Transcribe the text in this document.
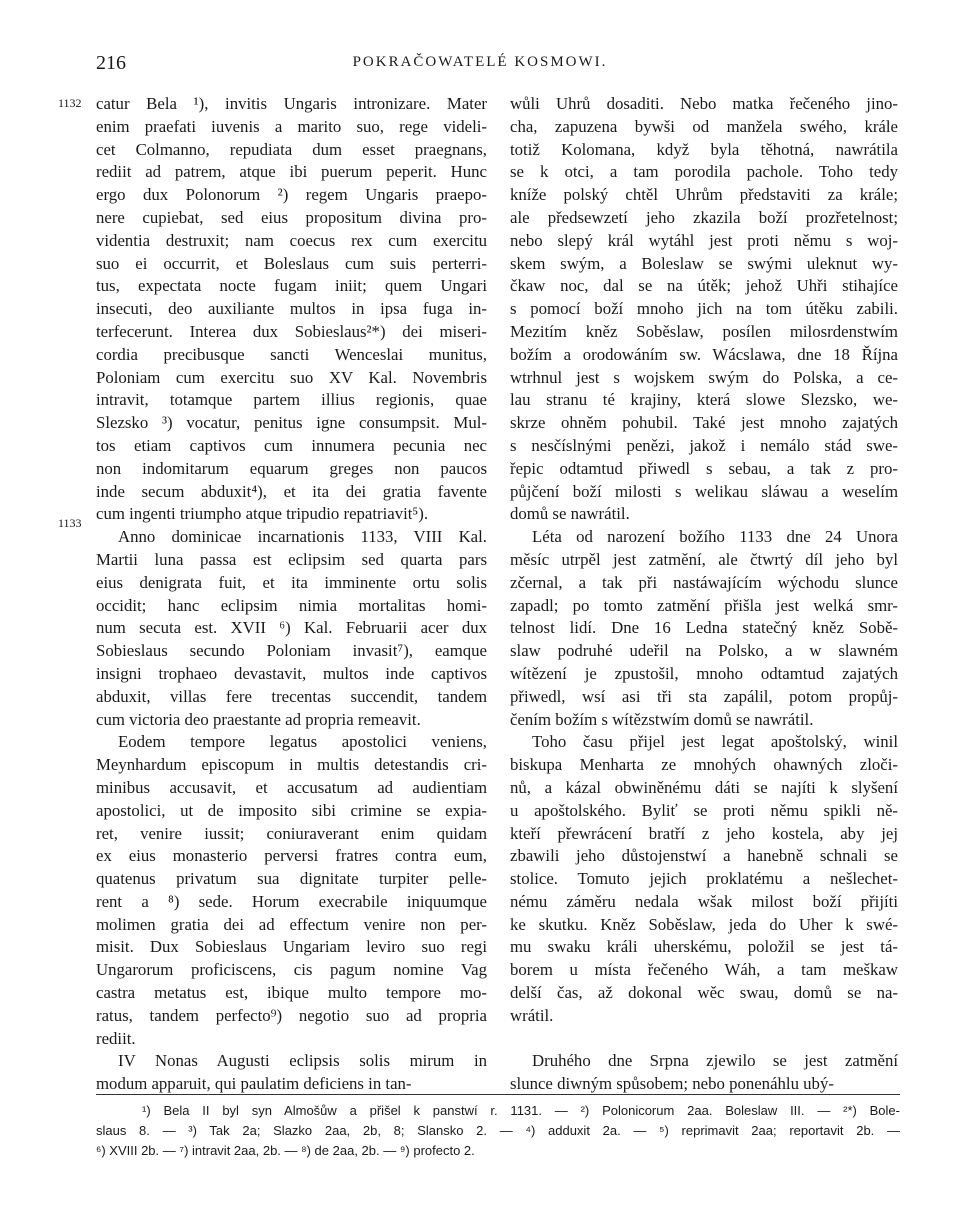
216	POKRAČOWATELÉ KOSMOWI.
1132
1133
catur Bela ¹), invitis Ungaris intronizare. Mater
enim praefati iuvenis a marito suo, rege videli-
cet Colmanno, repudiata dum esset praegnans,
rediit ad patrem, atque ibi puerum peperit. Hunc
ergo dux Polonorum ²) regem Ungaris praepo-
nere cupiebat, sed eius propositum divina pro-
videntia destruxit; nam coecus rex cum exercitu
suo ei occurrit, et Boleslaus cum suis perterri-
tus, expectata nocte fugam iniit; quem Ungari
insecuti, deo auxiliante multos in ipsa fuga in-
terfecerunt. Interea dux Sobieslaus²*) dei miseri-
cordia precibusque sancti Wenceslai munitus,
Poloniam cum exercitu suo XV Kal. Novembris
intravit, totamque partem illius regionis, quae
Slezsko ³) vocatur, penitus igne consumpsit. Mul-
tos etiam captivos cum innumera pecunia nec
non indomitarum equarum greges non paucos
inde secum abduxit⁴), et ita dei gratia favente
cum ingenti triumpho atque tripudio repatriavit⁵).
Anno dominicae incarnationis 1133, VIII Kal.
Martii luna passa est eclipsim sed quarta pars
eius denigrata fuit, et ita imminente ortu solis
occidit; hanc eclipsim nimia mortalitas homi-
num secuta est. XVII ⁶) Kal. Februarii acer dux
Sobieslaus secundo Poloniam invasit⁷), eamque
insigni trophaeo devastavit, multos inde captivos
abduxit, villas fere trecentas succendit, tandem
cum victoria deo praestante ad propria remeavit.
Eodem tempore legatus apostolici veniens,
Meynhardum episcopum in multis detestandis cri-
minibus accusavit, et accusatum ad audientiam
apostolici, ut de imposito sibi crimine se expia-
ret, venire iussit; coniuraverant enim quidam
ex eius monasterio perversi fratres contra eum,
quatenus privatum sua dignitate turpiter pelle-
rent a ⁸) sede. Horum execrabile iniquumque
molimen gratia dei ad effectum venire non per-
misit. Dux Sobieslaus Ungariam leviro suo regi
Ungarorum proficiscens, cis pagum nomine Vag
castra metatus est, ibique multo tempore mo-
ratus, tandem perfecto⁹) negotio suo ad propria
rediit.
IV Nonas Augusti eclipsis solis mirum in
modum apparuit, qui paulatim deficiens in tan-
wůli Uhrů dosaditi. Nebo matka řečeného jino-
cha, zapuzena bywši od manžela swého, krále
totiž Kolomana, když byla těhotná, nawrátila
se k otci, a tam porodila pachole. Toho tedy
kníže polský chtěl Uhrům představiti za krále;
ale předsewzetí jeho zkazila boží prozřetelnost;
nebo slepý král wytáhl jest proti němu s woj-
skem swým, a Boleslaw se swými uleknut wy-
čkaw noc, dal se na útěk; jehož Uhři stihajíce
s pomocí boží mnoho jich na tom útěku zabili.
Mezitím kněz Soběslaw, posílen milosrdenstwím
božím a orodowáním sw. Wácslawa, dne 18 Října
wtrhnul jest s wojskem swým do Polska, a ce-
lau stranu té krajiny, která slowe Slezsko, we-
skrze ohněm pohubil. Také jest mnoho zajatých
s nesčíslnými penězi, jakož i nemálo stád swe-
řepic odtamtud přiwedl s sebau, a tak z pro-
půjčení boží milosti s welikau sláwau a weselím
domů se nawrátil.
Léta od narození božího 1133 dne 24 Unora
měsíc utrpěl jest zatmění, ale čtwrtý díl jeho byl
zčernal, a tak při nastáwajícím wýchodu slunce
zapadl; po tomto zatmění přišla jest welká smr-
telnost lidí. Dne 16 Ledna statečný kněz Sobě-
slaw podruhé udeřil na Polsko, a w slawném
wítězení je zpustošil, mnoho odtamtud zajatých
přiwedl, wsí asi tři sta zapálil, potom propůj-
čením božím s wítězstwím domů se nawrátil.
Toho času přijel jest legat apoštolský, winil
biskupa Menharta ze mnohých ohawných zloči-
nů, a kázal obwiněnému dáti se najíti k slyšení
u apoštolského. Byliť se proti němu spikli ně-
kteří přewrácení bratří z jeho kostela, aby jej
zbawili jeho důstojenstwí a hanebně schnali se
stolice. Tomuto jejich proklatému a nešlechet-
nému záměru nedala wšak milost boží přijíti
ke skutku. Kněz Soběslaw, jeda do Uher k swé-
mu swaku králi uherskému, položil se jest tá-
borem u místa řečeného Wáh, a tam meškaw
delší čas, až dokonal wěc swau, domů se na-
wrátil.

Druhého dne Srpna zjewilo se jest zatmění
slunce diwným spůsobem; nebo ponenáhlu ubý-
¹) Bela II byl syn Almošůw a přišel k panstwí r. 1131. — ²) Polonicorum 2aa. Boleslaw III. — ²*) Bole-
slaus 8. — ³) Tak 2a; Slazko 2aa, 2b, 8; Slansko 2. — ⁴) adduxit 2a. — ⁵) reprimavit 2aa; reportavit 2b. —
⁶) XVIII 2b. — ⁷) intravit 2aa, 2b. — ⁸) de 2aa, 2b. — ⁹) profecto 2.
